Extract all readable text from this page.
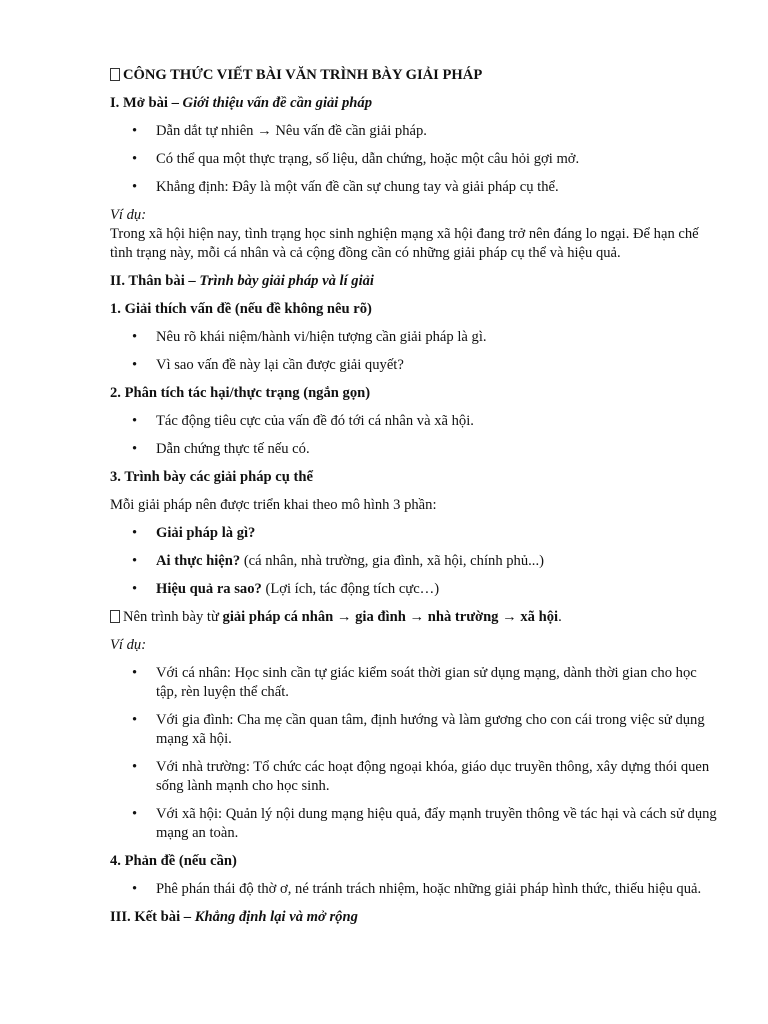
CÔNG THỨC VIẾT BÀI VĂN TRÌNH BÀY GIẢI PHÁP
I. Mở bài – Giới thiệu vấn đề cần giải pháp
• Dẫn dắt tự nhiên → Nêu vấn đề cần giải pháp.
• Có thể qua một thực trạng, số liệu, dẫn chứng, hoặc một câu hỏi gợi mở.
• Khẳng định: Đây là một vấn đề cần sự chung tay và giải pháp cụ thể.
Ví dụ:
Trong xã hội hiện nay, tình trạng học sinh nghiện mạng xã hội đang trở nên đáng lo ngại. Để hạn chế tình trạng này, mỗi cá nhân và cả cộng đồng cần có những giải pháp cụ thể và hiệu quả.
II. Thân bài – Trình bày giải pháp và lí giải
1. Giải thích vấn đề (nếu đề không nêu rõ)
• Nêu rõ khái niệm/hành vi/hiện tượng cần giải pháp là gì.
• Vì sao vấn đề này lại cần được giải quyết?
2. Phân tích tác hại/thực trạng (ngắn gọn)
• Tác động tiêu cực của vấn đề đó tới cá nhân và xã hội.
• Dẫn chứng thực tế nếu có.
3. Trình bày các giải pháp cụ thể
Mỗi giải pháp nên được triển khai theo mô hình 3 phần:
• Giải pháp là gì?
• Ai thực hiện? (cá nhân, nhà trường, gia đình, xã hội, chính phủ...)
• Hiệu quả ra sao? (Lợi ích, tác động tích cực…)
Nên trình bày từ giải pháp cá nhân → gia đình → nhà trường → xã hội.
Ví dụ:
• Với cá nhân: Học sinh cần tự giác kiểm soát thời gian sử dụng mạng, dành thời gian cho học tập, rèn luyện thể chất.
• Với gia đình: Cha mẹ cần quan tâm, định hướng và làm gương cho con cái trong việc sử dụng mạng xã hội.
• Với nhà trường: Tổ chức các hoạt động ngoại khóa, giáo dục truyền thông, xây dựng thói quen sống lành mạnh cho học sinh.
• Với xã hội: Quản lý nội dung mạng hiệu quả, đẩy mạnh truyền thông về tác hại và cách sử dụng mạng an toàn.
4. Phản đề (nếu cần)
• Phê phán thái độ thờ ơ, né tránh trách nhiệm, hoặc những giải pháp hình thức, thiếu hiệu quả.
III. Kết bài – Khẳng định lại và mở rộng
